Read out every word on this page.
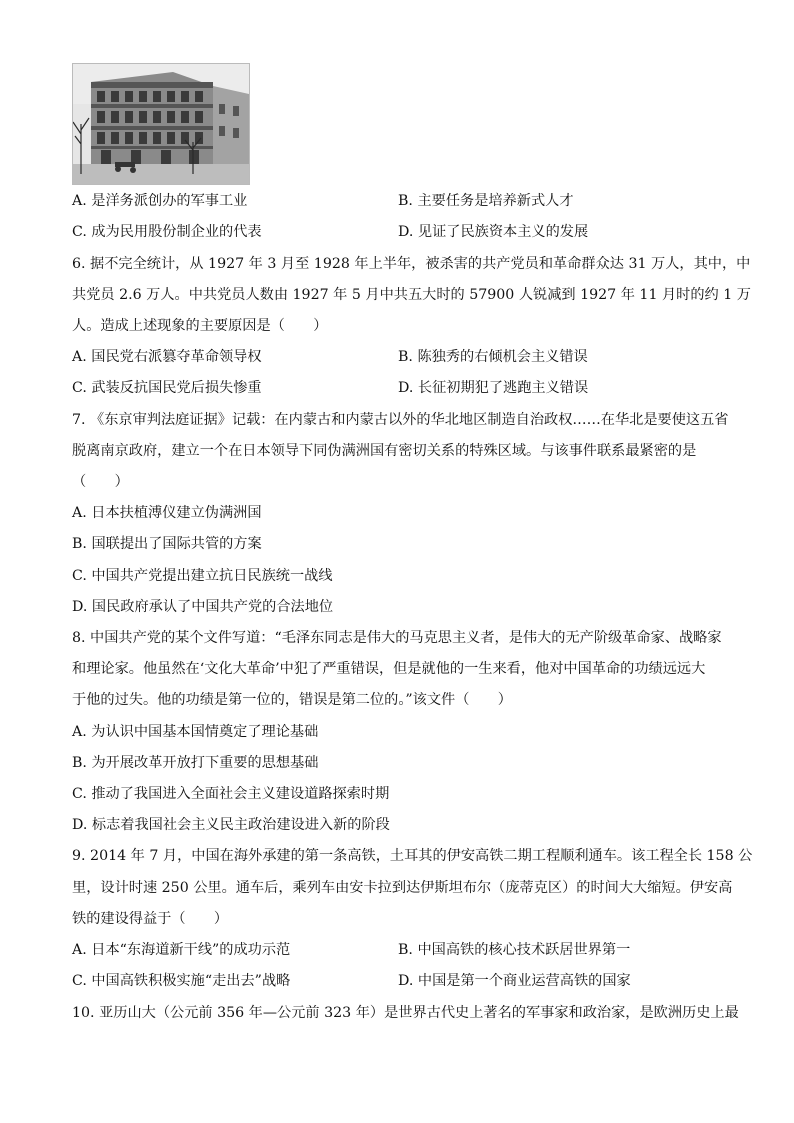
A. 是洋务派创办的军事工业	B. 主要任务是培养新式人才
C. 成为民用股份制企业的代表	D. 见证了民族资本主义的发展
6. 据不完全统计，从 1927 年 3 月至 1928 年上半年，被杀害的共产党员和革命群众达 31 万人，其中，中
共党员 2.6 万人。中共党员人数由 1927 年 5 月中共五大时的 57900 人锐减到 1927 年 11 月时的约 1 万
人。造成上述现象的主要原因是（　　）
A. 国民党右派篡夺革命领导权	B. 陈独秀的右倾机会主义错误
C. 武装反抗国民党后损失惨重	D. 长征初期犯了逃跑主义错误
7. 《东京审判法庭证据》记载：在内蒙古和内蒙古以外的华北地区制造自治政权……在华北是要使这五省
脱离南京政府，建立一个在日本领导下同伪满洲国有密切关系的特殊区域。与该事件联系最紧密的是
（　　）
A. 日本扶植溥仪建立伪满洲国
B. 国联提出了国际共管的方案
C. 中国共产党提出建立抗日民族统一战线
D. 国民政府承认了中国共产党的合法地位
8. 中国共产党的某个文件写道：“毛泽东同志是伟大的马克思主义者，是伟大的无产阶级革命家、战略家
和理论家。他虽然在‘文化大革命’中犯了严重错误，但是就他的一生来看，他对中国革命的功绩远远大
于他的过失。他的功绩是第一位的，错误是第二位的。”该文件（　　）
A. 为认识中国基本国情奠定了理论基础
B. 为开展改革开放打下重要的思想基础
C. 推动了我国进入全面社会主义建设道路探索时期
D. 标志着我国社会主义民主政治建设进入新的阶段
9. 2014 年 7 月，中国在海外承建的第一条高铁，土耳其的伊安高铁二期工程顺利通车。该工程全长 158 公
里，设计时速 250 公里。通车后，乘列车由安卡拉到达伊斯坦布尔（庞蒂克区）的时间大大缩短。伊安高
铁的建设得益于（　　）
A. 日本“东海道新干线”的成功示范	B. 中国高铁的核心技术跃居世界第一
C. 中国高铁积极实施“走出去”战略	D. 中国是第一个商业运营高铁的国家
10. 亚历山大（公元前 356 年—公元前 323 年）是世界古代史上著名的军事家和政治家，是欧洲历史上最
